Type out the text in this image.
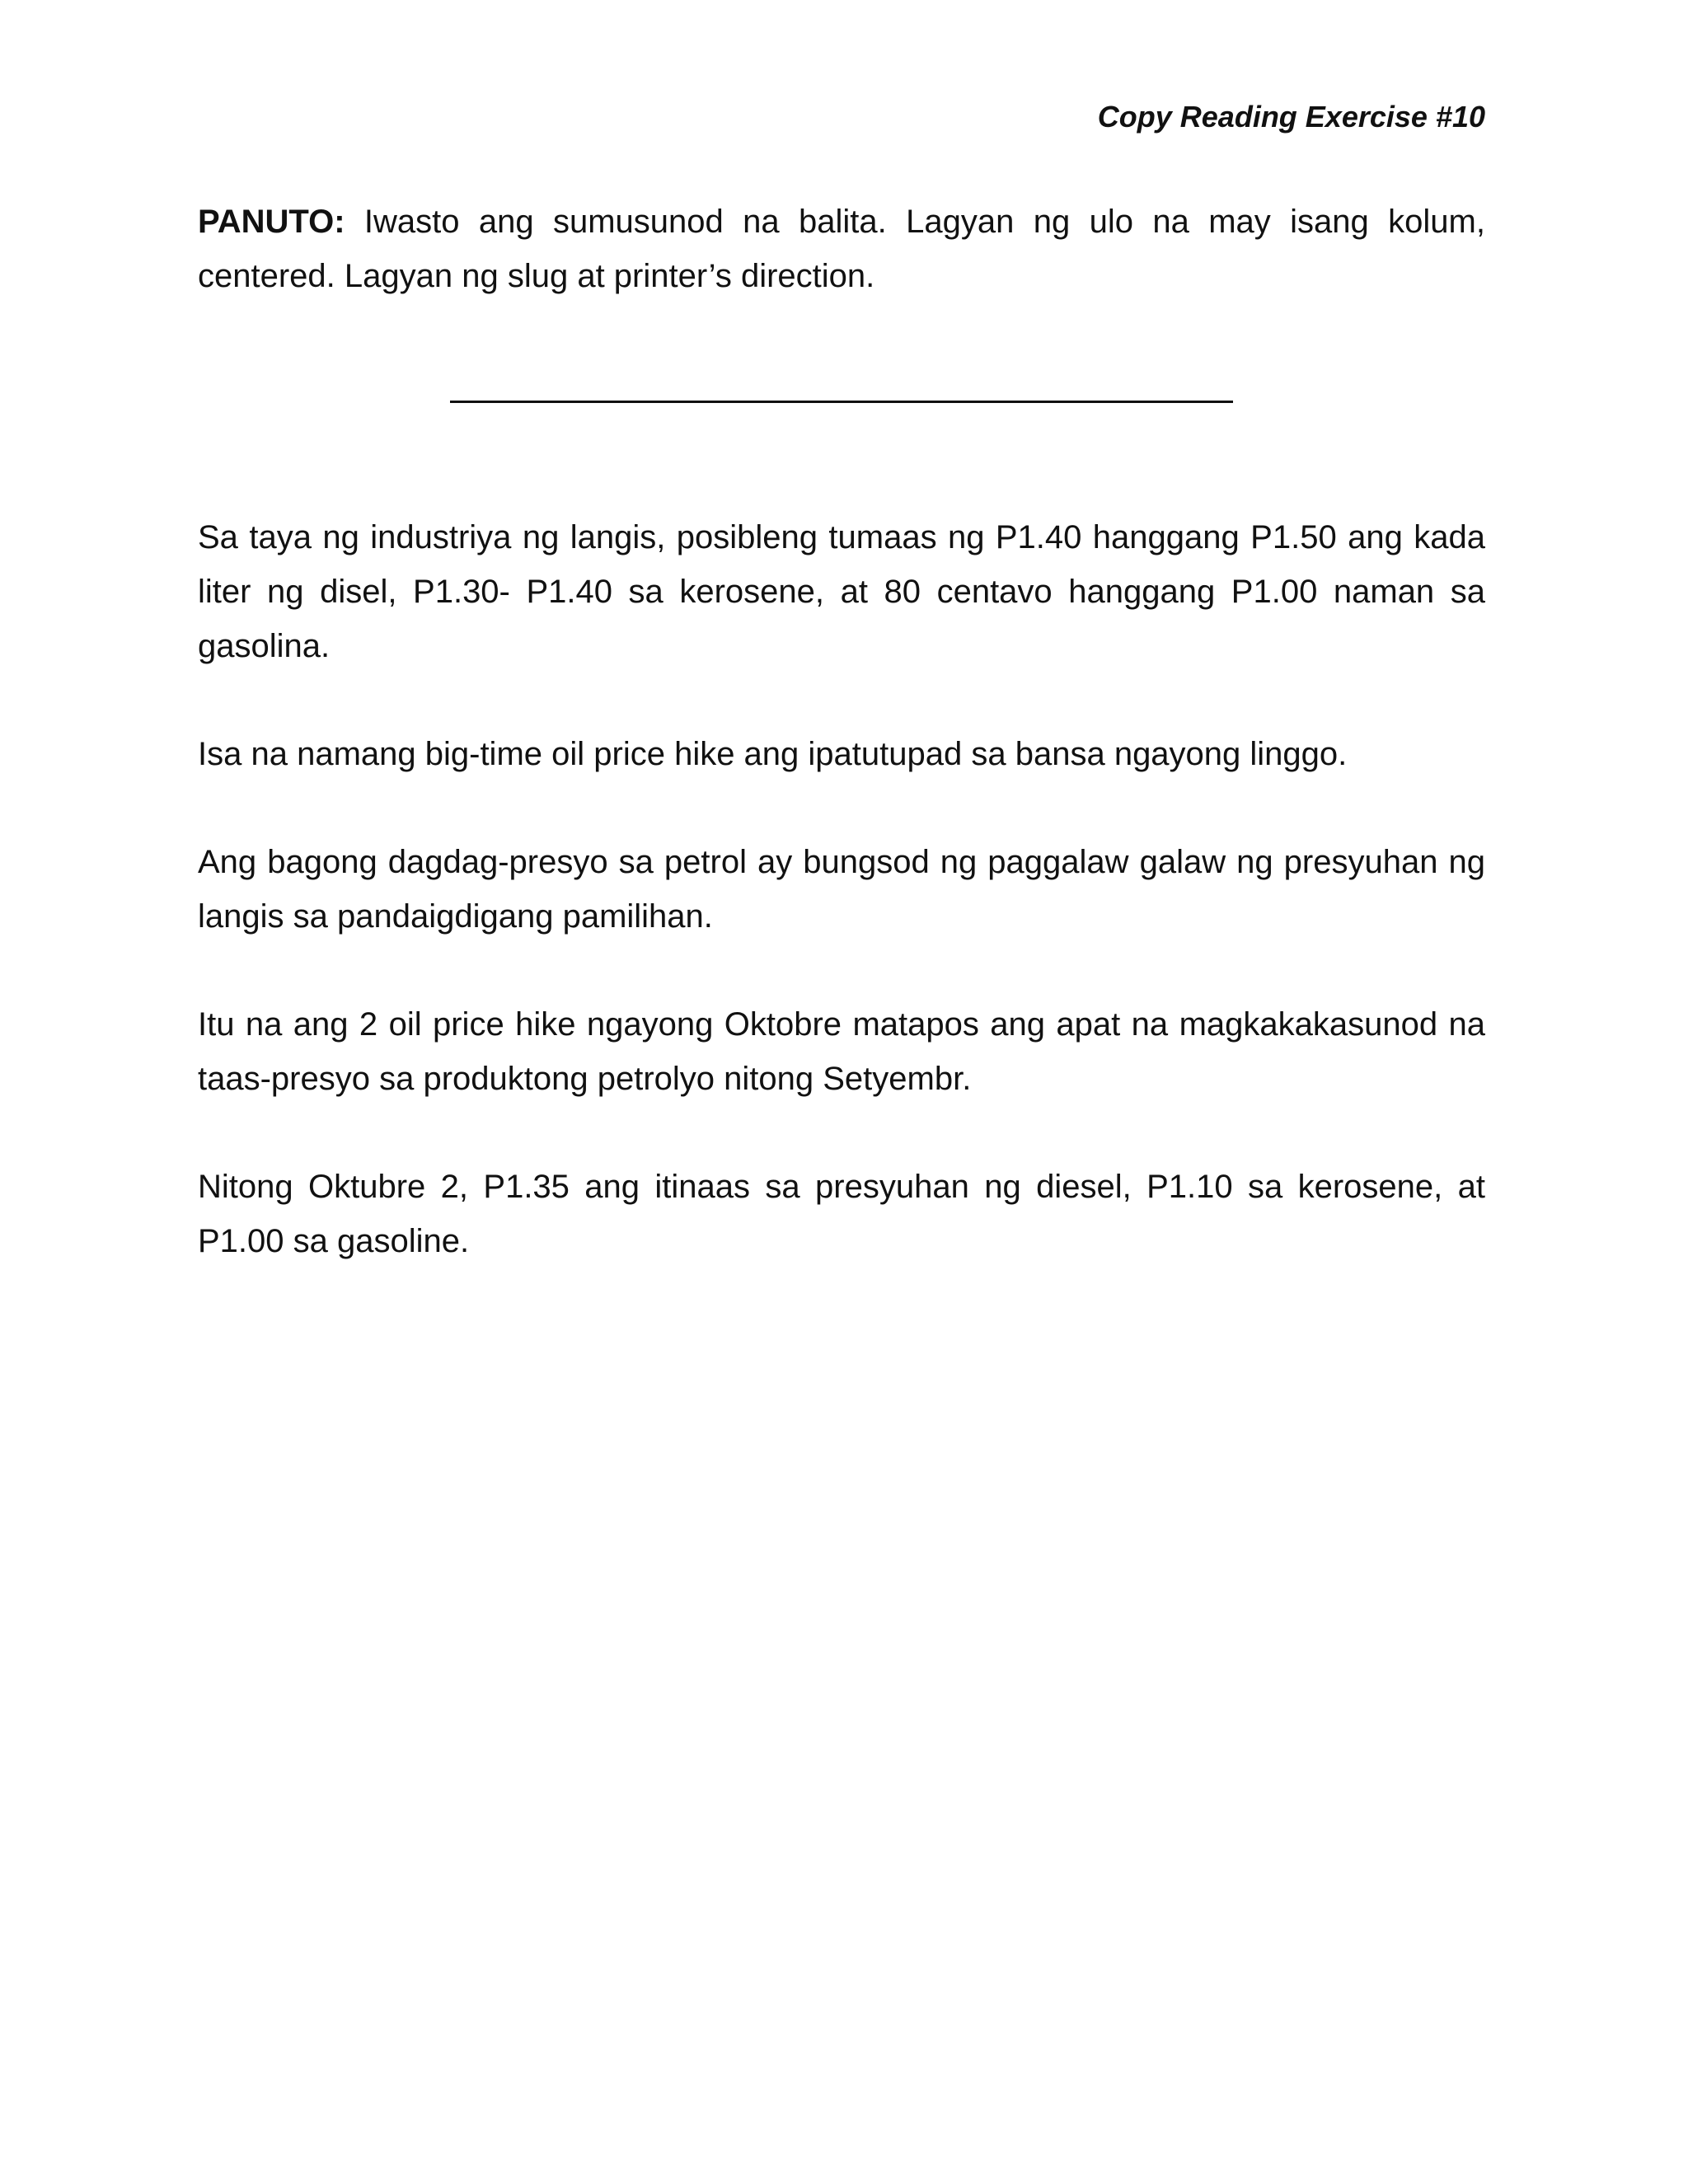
Copy Reading Exercise #10

PANUTO: Iwasto ang sumusunod na balita. Lagyan ng ulo na may isang kolum, centered. Lagyan ng slug at printer’s direction.

Sa taya ng industriya ng langis, posibleng tumaas ng P1.40 hanggang P1.50 ang kada liter ng disel, P1.30- P1.40 sa kerosene, at 80 centavo hanggang P1.00 naman sa gasolina.

Isa na namang big-time oil price hike ang ipatutupad sa bansa ngayong linggo.

Ang bagong dagdag-presyo sa petrol ay bungsod ng paggalaw galaw ng presyuhan ng langis sa pandaigdigang pamilihan.

Itu na ang 2 oil price hike ngayong Oktobre matapos ang apat na magkakakasunod na taas-presyo sa produktong petrolyo nitong Setyembr.

Nitong Oktubre 2, P1.35 ang itinaas sa presyuhan ng diesel, P1.10 sa kerosene, at P1.00 sa gasoline.
